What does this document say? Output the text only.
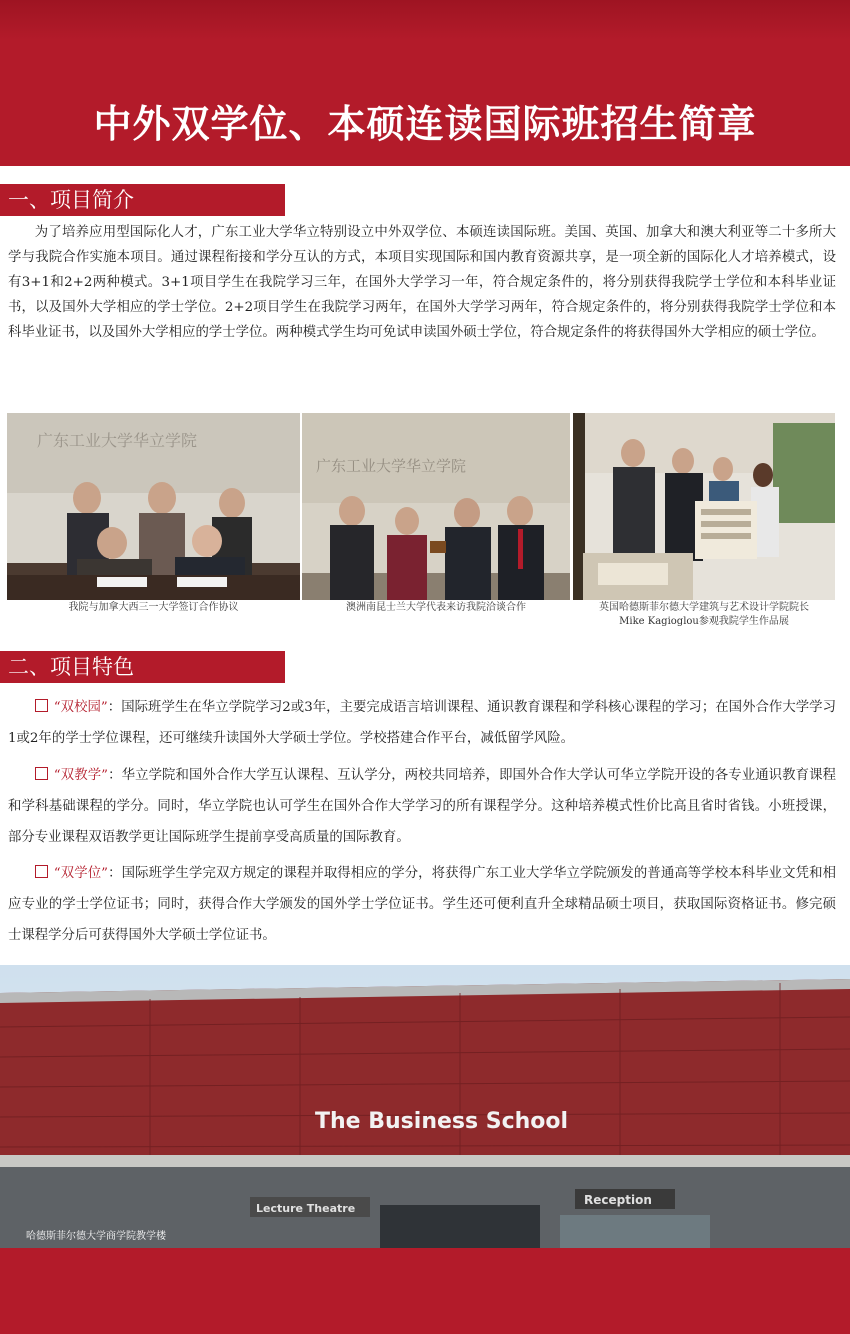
中外双学位、本硕连读国际班招生简章
一、项目简介

为了培养应用型国际化人才，广东工业大学华立特别设立中外双学位、本硕连读国际班。美国、英国、加拿大和澳大利亚等二十多所大学与我院合作实施本项目。通过课程衔接和学分互认的方式，本项目实现国际和国内教育资源共享，是一项全新的国际化人才培养模式，设有3+1和2+2两种模式。3+1项目学生在我院学习三年，在国外大学学习一年，符合规定条件的，将分别获得我院学士学位和本科毕业证书，以及国外大学相应的学士学位。2+2项目学生在我院学习两年，在国外大学学习两年，符合规定条件的，将分别获得我院学士学位和本科毕业证书，以及国外大学相应的学士学位。两种模式学生均可免试申读国外硕士学位，符合规定条件的将获得国外大学相应的硕士学位。

广东工业大学华立学院
我院与加拿大西三一大学签订合作协议
广东工业大学华立学院
澳洲南昆士兰大学代表来访我院洽谈合作	英国哈德斯菲尔德大学建筑与艺术设计学院院长
Mike Kagioglou参观我院学生作品展
二、项目特色
“双校园”：国际班学生在华立学院学习2或3年，主要完成语言培训课程、通识教育课程和学科核心课程的学习；在国外合作大学学习1或2年的学士学位课程，还可继续升读国外大学硕士学位。学校搭建合作平台，减低留学风险。
“双教学”：华立学院和国外合作大学互认课程、互认学分，两校共同培养，即国外合作大学认可华立学院开设的各专业通识教育课程和学科基础课程的学分。同时，华立学院也认可学生在国外合作大学学习的所有课程学分。这种培养模式性价比高且省时省钱。小班授课，部分专业课程双语教学更让国际班学生提前享受高质量的国际教育。
“双学位”：国际班学生学完双方规定的课程并取得相应的学分，将获得广东工业大学华立学院颁发的普通高等学校本科毕业文凭和相应专业的学士学位证书；同时，获得合作大学颁发的国外学士学位证书。学生还可便利直升全球精品硕士项目，获取国际资格证书。修完硕士课程学分后可获得国外大学硕士学位证书。
The Business School
Lecture Theatre
Reception
哈德斯菲尔德大学商学院教学楼
